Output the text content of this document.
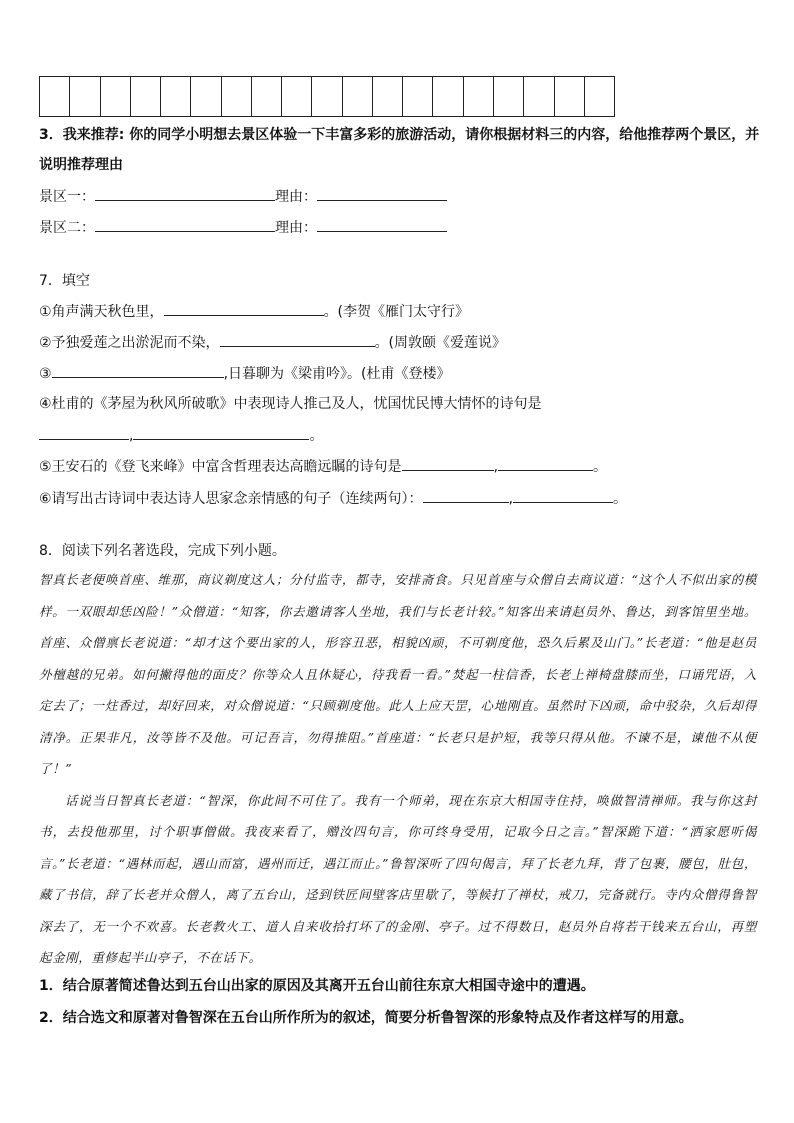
3．我来推荐: 你的同学小明想去景区体验一下丰富多彩的旅游活动，请你根据材料三的内容，给他推荐两个景区，并
说明推荐理由
景区一：	理由：
景区二：	理由：
7．填空
①角声满天秋色里，	。(李贺《雁门太守行》
②予独爱莲之出淤泥而不染，	。(周敦颐《爱莲说》
③	,日暮聊为《梁甫吟》。(杜甫《登楼》
④杜甫的《茅屋为秋风所破歌》中表现诗人推己及人，忧国忧民博大情怀的诗句是
,	。
⑤王安石的《登飞来峰》中富含哲理表达高瞻远瞩的诗句是	,	。
⑥请写出古诗词中表达诗人思家念亲情感的句子（连续两句）：	,	。
8．阅读下列名著选段，完成下列小题。

智真长老便唤首座、维那，商议剃度这人；分付监寺，都寺，安排斋食。只见首座与众僧自去商议道：“这个人不似出家的模样。一双眼却恁凶险！”众僧道：“知客，你去邀请客人坐地，我们与长老计较。”知客出来请赵员外、鲁达，到客馆里坐地。首座、众僧禀长老说道：“却才这个要出家的人，形容丑恶，相貌凶顽，不可剃度他，恐久后累及山门。”长老道：“他是赵员外檀越的兄弟。如何撇得他的面皮？你等众人且休疑心，待我看一看。”焚起一柱信香，长老上禅椅盘膝而坐，口诵咒语，入定去了；一炷香过，却好回来，对众僧说道：“只顾剃度他。此人上应天罡，心地刚直。虽然时下凶顽，命中驳杂，久后却得清净。正果非凡，汝等皆不及他。可记吾言，勿得推阻。”首座道：“长老只是护短，我等只得从他。不谏不是，谏他不从便了！”

话说当日智真长老道：“智深，你此间不可住了。我有一个师弟，现在东京大相国寺住持，唤做智清禅师。我与你这封书，去投他那里，讨个职事僧做。我夜来看了，赠汝四句言，你可终身受用，记取今日之言。”智深跪下道：“洒家愿听偈言。”长老道：“遇林而起，遇山而富，遇州而迁，遇江而止。”鲁智深听了四句偈言，拜了长老九拜，背了包裹，腰包，肚包，藏了书信，辞了长老并众僧人，离了五台山，迳到铁匠间壁客店里歇了，等候打了禅杖，戒刀，完备就行。寺内众僧得鲁智深去了，无一个不欢喜。长老教火工、道人自来收拾打坏了的金刚、亭子。过不得数日，赵员外自将若干钱来五台山，再塑起金刚，重修起半山亭子，不在话下。

1．结合原著简述鲁达到五台山出家的原因及其离开五台山前往东京大相国寺途中的遭遇。
2．结合选文和原著对鲁智深在五台山所作所为的叙述，简要分析鲁智深的形象特点及作者这样写的用意。
